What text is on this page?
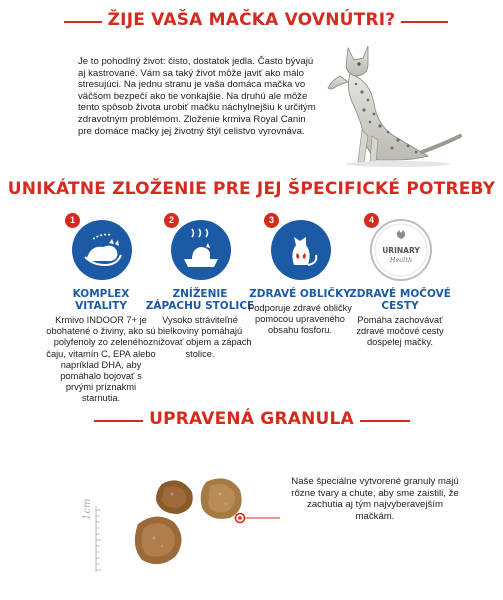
ŽIJE VAŠA MAČKA VOVNÚTRI?
Je to pohodlný život: čisto, dostatok jedla. Často bývajú aj kastrované. Vám sa taký život môže javiť ako málo stresujúci. Na jednu stranu je vaša domáca mačka vo väčšom bezpečí ako tie vonkajšie. Na druhú ale môže tento spôsob života urobiť mačku náchylnejšiu k určitým zdravotným problémom. Zloženie krmiva Royal Canin pre domáce mačky jej životný štýl celistvo vyrovnáva.
UNIKÁTNE ZLOŽENIE PRE JEJ ŠPECIFICKÉ POTREBY
1
KOMPLEX VITALITY
Krmivo INDOOR 7+ je obohatené o živiny, ako sú polyfenoly zo zeleného čaju, vitamín C, EPA alebo napríklad DHA, aby pomáhalo bojovať s prvými príznakmi starnutia.
2
ZNÍŽENIE ZÁPACHU STOLICE
Vysoko stráviteľné bielkoviny pomáhajú znižovať objem a zápach stolice.
3
ZDRAVÉ OBLIČKY
Podporuje zdravé obličky pomocou upraveného obsahu fosforu.
URINARY
Health
4
ZDRAVÉ MOČOVÉ CESTY
Pomáha zachovávať zdravé močové cesty dospelej mačky.
UPRAVENÁ GRANULA
1cm
Naše špeciálne vytvorené granuly majú rôzne tvary a chute, aby sme zaistili, že zachutia aj tým najvyberavejším mačkám.
